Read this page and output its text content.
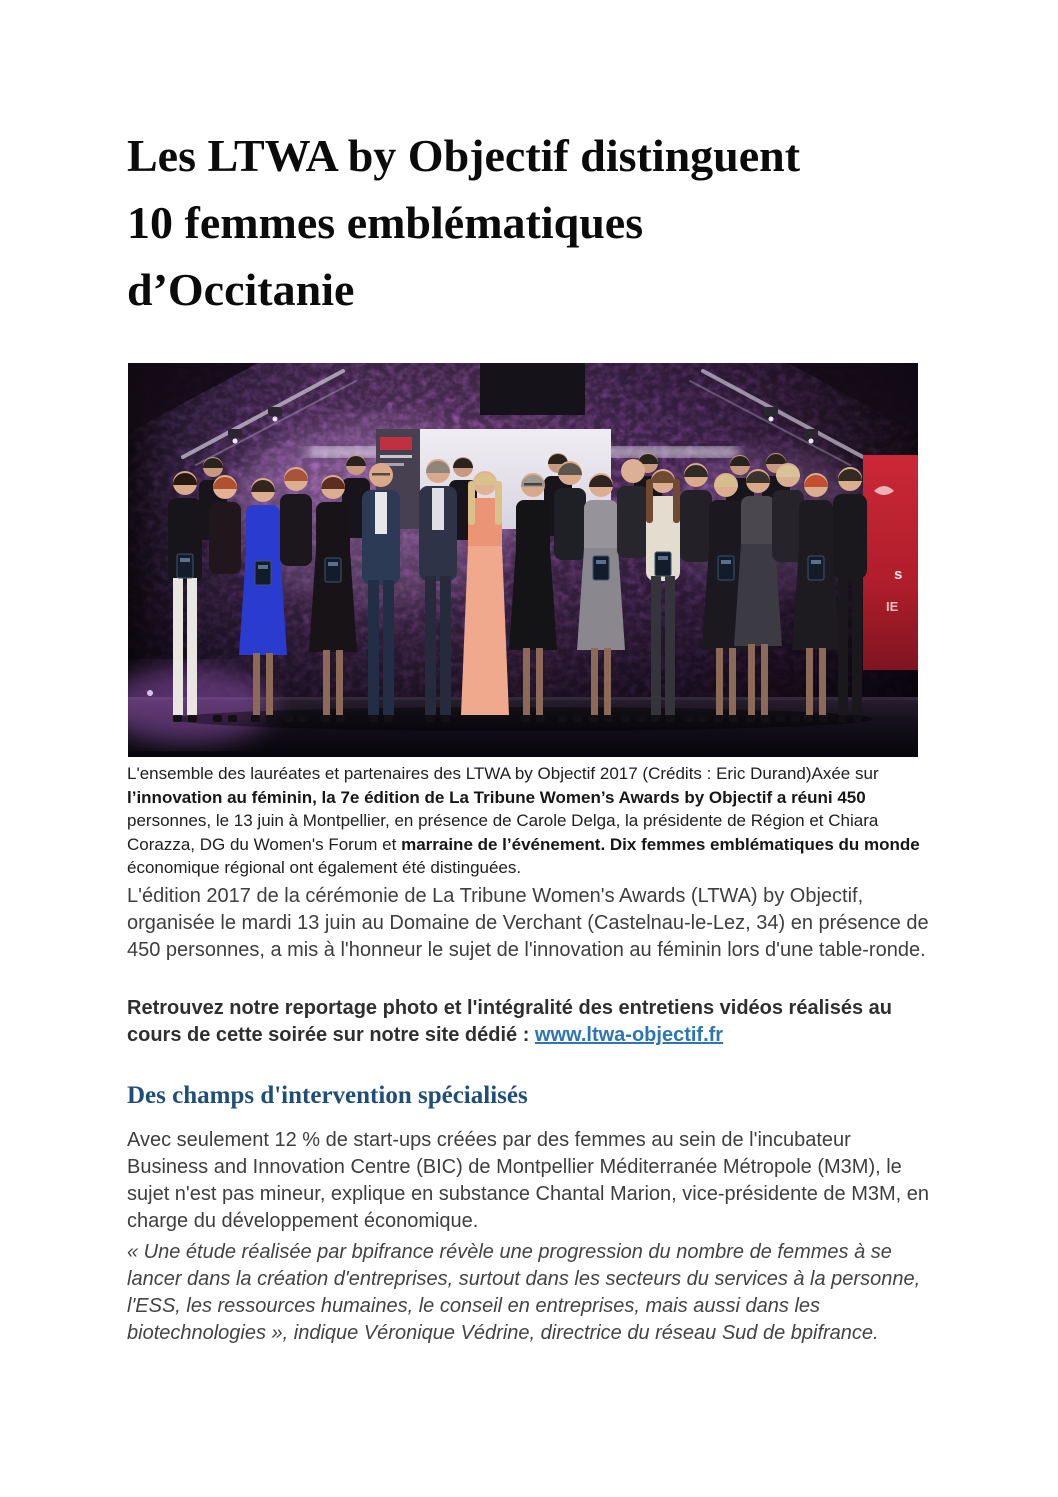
Les LTWA by Objectif distinguent
10 femmes emblématiques
d’Occitanie
s
IE

L'ensemble des lauréates et partenaires des LTWA by Objectif 2017 (Crédits : Eric Durand)Axée sur l’innovation au féminin, la 7e édition de La Tribune Women’s Awards by Objectif a réuni 450 personnes, le 13 juin à Montpellier, en présence de Carole Delga, la présidente de Région et Chiara Corazza, DG du Women's Forum et marraine de l’événement. Dix femmes emblématiques du monde économique régional ont également été distinguées.

L'édition 2017 de la cérémonie de La Tribune Women's Awards (LTWA) by Objectif, organisée le mardi 13 juin au Domaine de Verchant (Castelnau-le-Lez, 34) en présence de 450 personnes, a mis à l'honneur le sujet de l'innovation au féminin lors d'une table-ronde.

Retrouvez notre reportage photo et l'intégralité des entretiens vidéos réalisés au cours de cette soirée sur notre site dédié : www.ltwa-objectif.fr

Des champs d'intervention spécialisés

Avec seulement 12 % de start-ups créées par des femmes au sein de l'incubateur Business and Innovation Centre (BIC) de Montpellier Méditerranée Métropole (M3M), le sujet n'est pas mineur, explique en substance Chantal Marion, vice-présidente de M3M, en charge du développement économique.

« Une étude réalisée par bpifrance révèle une progression du nombre de femmes à se lancer dans la création d'entreprises, surtout dans les secteurs du services à la personne, l'ESS, les ressources humaines, le conseil en entreprises, mais aussi dans les biotechnologies », indique Véronique Védrine, directrice du réseau Sud de bpifrance.
